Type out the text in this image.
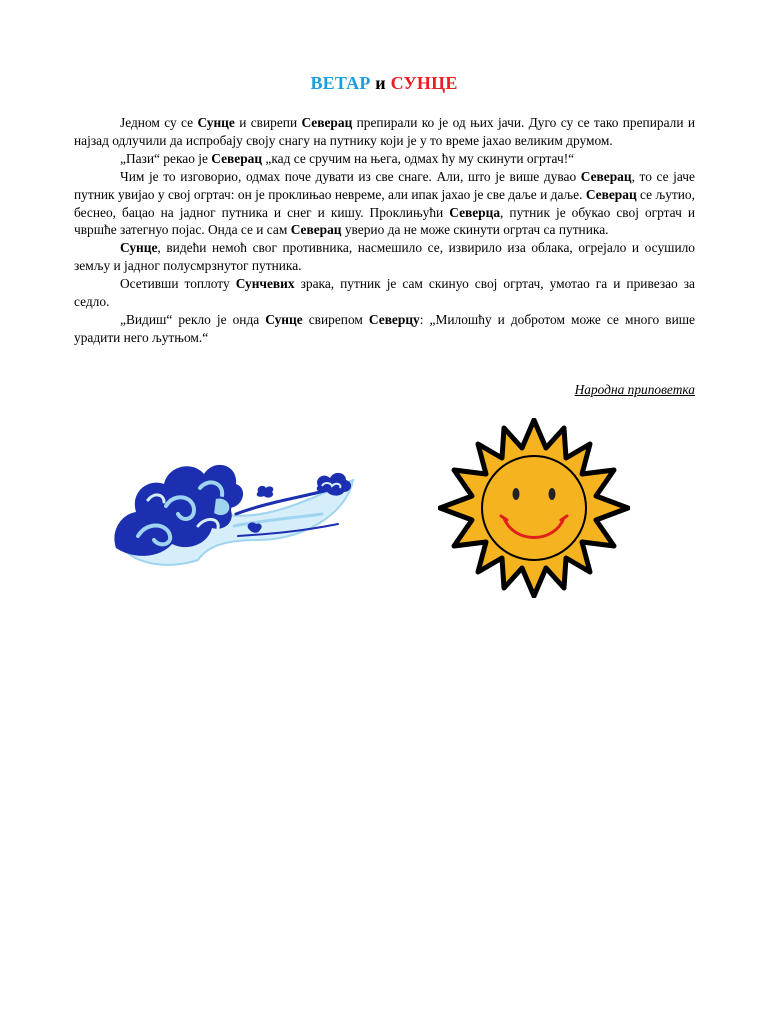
ВЕТАР и СУНЦЕ

Једном су се Сунце и свирепи Северац препирали ко је од њих јачи. Дуго су се тако препирали и најзад одлучили да испробају своју снагу на путнику који је у то време јахао великим друмом.

„Пази“ рекао је Северац „кад се сручим на њега, одмах ћу му скинути огртач!“

Чим је то изговорио, одмах поче дувати из све снаге. Али, што је више дувао Северац, то се јаче путник увијао у свој огртач: он је проклињао невреме, али ипак јахао је све даље и даље. Северац се љутио, беснео, бацао на јадног путника и снег и кишу. Проклињући Северца, путник је обукао свој огртач и чвршће затегнуо појас. Онда се и сам Северац уверио да не може скинути огртач са путника.

Сунце, видећи немоћ свог противника, насмешило се, извирило иза облака, огрејало и осушило земљу и јадног полусмрзнутог путника.

Осетивши топлоту Сунчевих зрака, путник је сам скинуо свој огртач, умотао га и привезао за седло.

„Видиш“ рекло је онда Сунце свирепом Северцу: „Милошћу и добротом може се много више урадити него љутњом.“

Народна приповетка
